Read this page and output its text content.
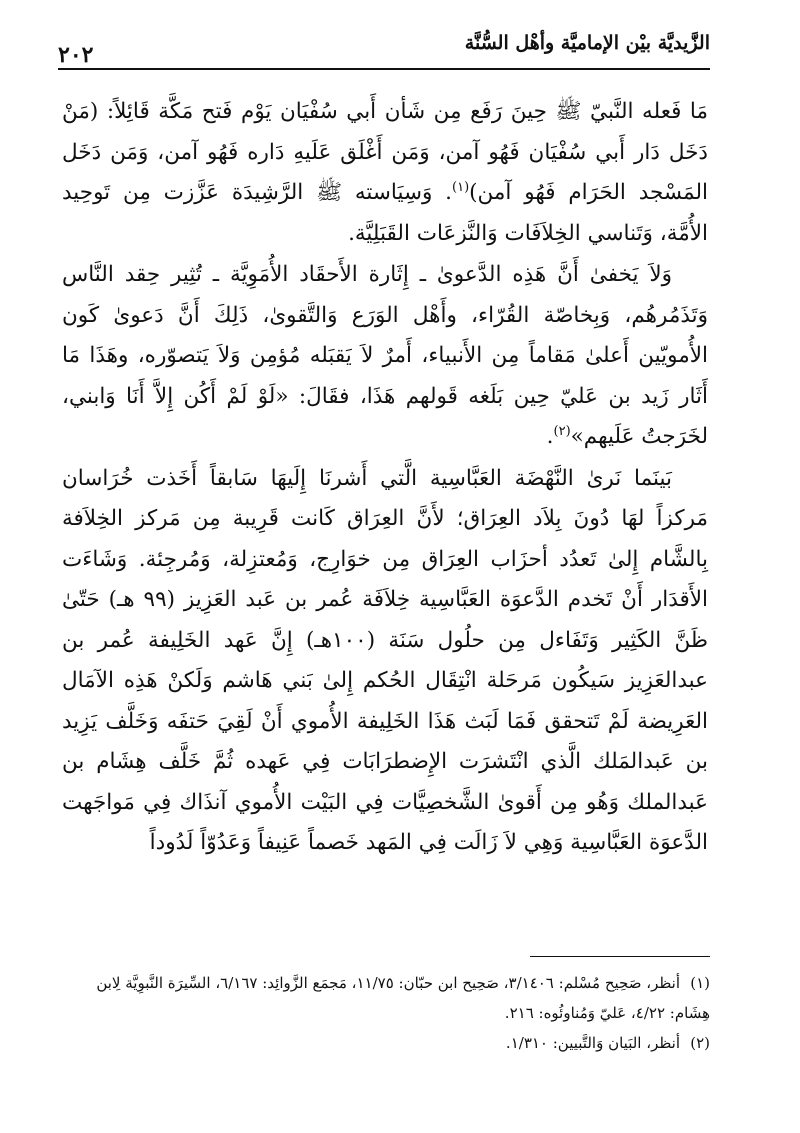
الزَّيديَّة بيْن الإماميَّة وأهْل السُّنَّة
٢٠٢

مَا فَعله النَّبيّ ﷺ حِينَ رَفَع مِن شَأن أَبي سُفْيَان يَوْم فَتح مَكَّة قَائِلاً: (مَنْ دَخَل دَار أَبي سُفْيَان فَهُو آمن، وَمَن أَغْلَق عَلَيهِ دَاره فَهُو آمن، وَمَن دَخَل المَسْجد الحَرَام فَهُو آمن)$^{(١)}$. وَسِيَاسته ﷺ الرَّشِيدَة عَزَّزت مِن تَوحِيد الأُمَّة، وَتَناسي الخِلاَفَات وَالنَّزعَات القَبَلِيَّة.

وَلاَ يَخفىٰ أَنَّ هَذِه الدَّعوىٰ ـ إِثَارة الأَحقَاد الأُمَوِيَّة ـ تُثِير حِقد النَّاس وَتَذَمُرهُم، وَبِخاصّة القُرّاء، وأَهْل الوَرَع وَالتَّقوىٰ، ذَلِكَ أَنَّ دَعوىٰ كَون الأُمويّين أَعلىٰ مَقاماً مِن الأَنبياء، أَمرٌ لاَ يَقبَله مُؤمِن وَلاَ يَتصوّره، وهَذَا مَا أَثَار زَيد بن عَليّ حِين بَلَغه قَولهم هَذَا، فقَالَ: «لَوْ لَمْ أَكُن إِلاَّ أَنَا وَابني، لخَرَجتُ عَلَيهم»$^{(٢)}$.

بَينَما نَرىٰ النَّهْضَة العَبَّاسِية الَّتي أَشرنَا إِلَيهَا سَابقاً أَخَذت خُرَاسان مَركزاً لهَا دُونَ بِلاَد العِرَاق؛ لأَنَّ العِرَاق كَانت قَرِيبة مِن مَركز الخِلاَفة بِالشَّام إِلىٰ تَعدُد أحزَاب العِرَاق مِن خوَارِج، وَمُعتزِلة، وَمُرجِئة. وَشَاءَت الأَقدَار أَنْ تَخدم الدَّعوَة العَبَّاسِية خِلاَفَة عُمر بن عَبد العَزِيز (٩٩ هـ) حَتّىٰ ظَنَّ الكَثِير وَتَفَاءل مِن حلُول سَنَة (١٠٠هـ) إِنَّ عَهد الخَلِيفة عُمر بن عبدالعَزِيز سَيكُون مَرحَلة انْتِقَال الحُكم إِلىٰ بَني هَاشم وَلَكنْ هَذِه الآمَال العَرِيضة لَمْ تَتحقق فَمَا لَبَث هَذَا الخَلِيفة الأُموي أَنْ لَقِيَ حَتفَه وَخَلَّف يَزِيد بن عَبدالمَلك الَّذي انْتَشرَت الإِضطرَابَات فِي عَهده ثُمَّ خَلَّف هِشَام بن عَبدالملك وَهُو مِن أَقوىٰ الشَّخصِيَّات فِي البَيْت الأُموي آنذَاك فِي مَواجَهت الدَّعوَة العَبَّاسِية وَهِي لاَ زَالَت فِي المَهد خَصماً عَنِيفاً وَعَدُوّاً لَدُوداً

(١)أنظر، صَحِيح مُسْلم: ٣/١٤٠٦، صَحِيح ابن حبّان: ١١/٧٥، مَجمَع الزَّوائِد: ٦/١٦٧، السِّيرَة النَّبوِيَّة لِابن هِشَام: ٤/٢٢، عَليّ وَمُناوئُوه: ٢١٦.

(٢)أنظر، البَيان وَالتَّبيين: ١/٣١٠.
